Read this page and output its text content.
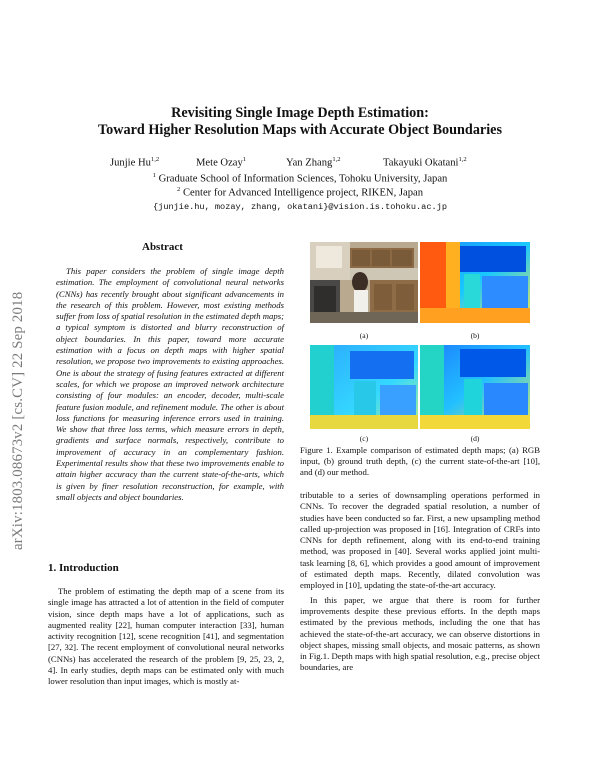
Revisiting Single Image Depth Estimation:
Toward Higher Resolution Maps with Accurate Object Boundaries
Junjie Hu$^{1,2}$	Mete Ozay$^1$	Yan Zhang$^{1,2}$	Takayuki Okatani$^{1,2}$
$^1$ Graduate School of Information Sciences, Tohoku University, Japan
$^2$ Center for Advanced Intelligence project, RIKEN, Japan
{junjie.hu, mozay, zhang, okatani}@vision.is.tohoku.ac.jp
arXiv:1803.08673v2 [cs.CV] 22 Sep 2018
Abstract
This paper considers the problem of single image depth estimation. The employment of convolutional neural networks (CNNs) has recently brought about significant advancements in the research of this problem. However, most existing methods suffer from loss of spatial resolution in the estimated depth maps; a typical symptom is distorted and blurry reconstruction of object boundaries. In this paper, toward more accurate estimation with a focus on depth maps with higher spatial resolution, we propose two improvements to existing approaches. One is about the strategy of fusing features extracted at different scales, for which we propose an improved network architecture consisting of four modules: an encoder, decoder, multi-scale feature fusion module, and refinement module. The other is about loss functions for measuring inference errors used in training. We show that three loss terms, which measure errors in depth, gradients and surface normals, respectively, contribute to improvement of accuracy in an complementary fashion. Experimental results show that these two improvements enable to attain higher accuracy than the current state-of-the-arts, which is given by finer resolution reconstruction, for example, with small objects and object boundaries.
(a)	(b)
(c)	(d)
Figure 1. Example comparison of estimated depth maps; (a) RGB input, (b) ground truth depth, (c) the current state-of-the-art [10], and (d) our method.
1. Introduction

The problem of estimating the depth map of a scene from its single image has attracted a lot of attention in the field of computer vision, since depth maps have a lot of applications, such as augmented reality [22], human computer interaction [33], human activity recognition [12], scene recognition [41], and segmentation [27, 32]. The recent employment of convolutional neural networks (CNNs) has accelerated the research of the problem [9, 25, 23, 2, 4]. In early studies, depth maps can be estimated only with much lower resolution than input images, which is mostly at-

tributable to a series of downsampling operations performed in CNNs. To recover the degraded spatial resolution, a number of studies have been conducted so far. First, a new upsampling method called up-projection was proposed in [16]. Integration of CRFs into CNNs for depth refinement, along with its end-to-end training method, was proposed in [40]. Several works applied joint multi-task learning [8, 6], which provides a good amount of improvement of estimated depth maps. Recently, dilated convolution was employed in [10], updating the state-of-the-art accuracy.

In this paper, we argue that there is room for further improvements despite these previous efforts. In the depth maps estimated by the previous methods, including the one that has achieved the state-of-the-art accuracy, we can observe distortions in object shapes, missing small objects, and mosaic patterns, as shown in Fig.1. Depth maps with high spatial resolution, e.g., precise object boundaries, are
